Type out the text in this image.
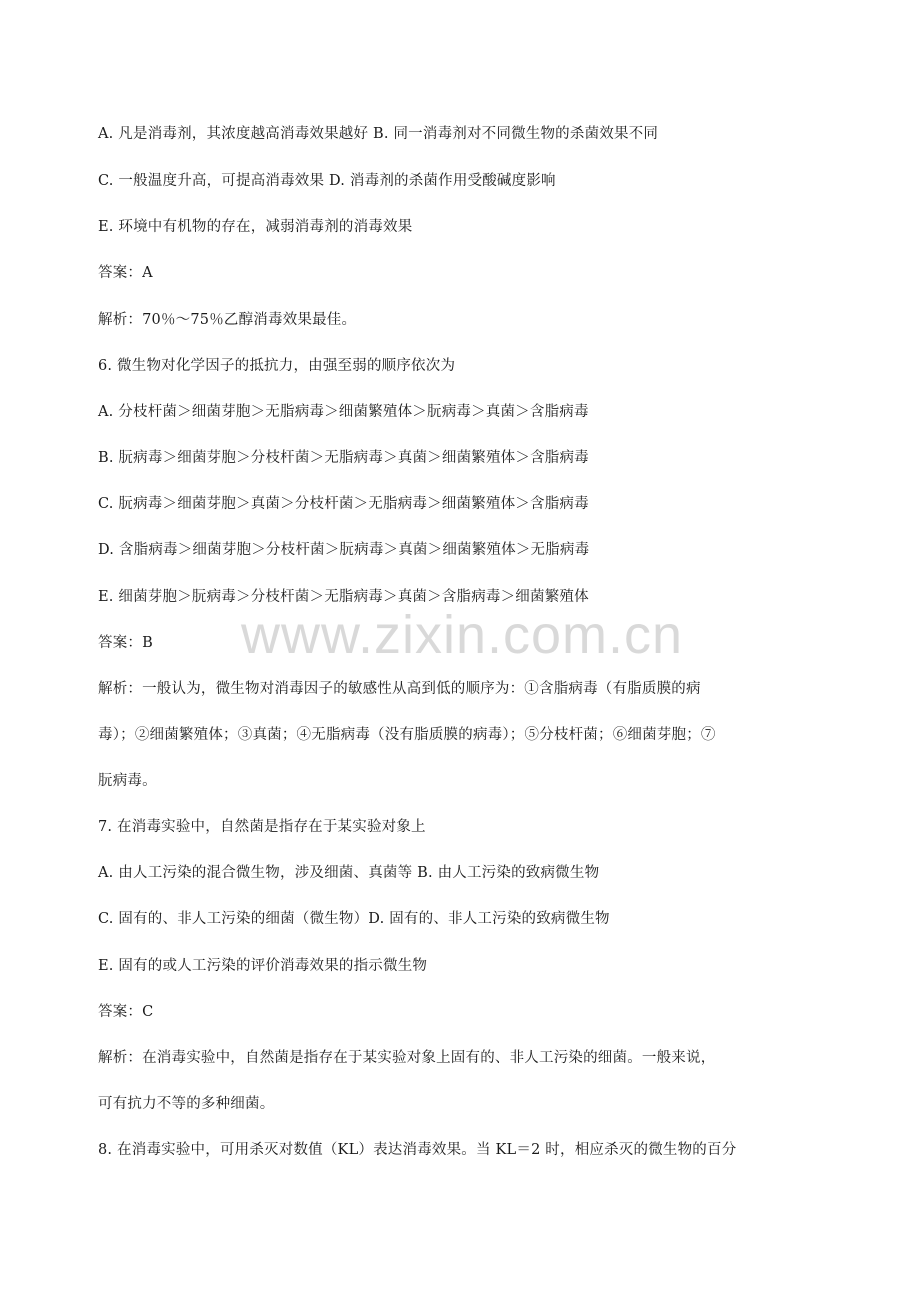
A. 凡是消毒剂，其浓度越高消毒效果越好 B. 同一消毒剂对不同微生物的杀菌效果不同
C. 一般温度升高，可提高消毒效果 D. 消毒剂的杀菌作用受酸碱度影响
E. 环境中有机物的存在，减弱消毒剂的消毒效果
答案：A
解析：70％～75％乙醇消毒效果最佳。
6. 微生物对化学因子的抵抗力，由强至弱的顺序依次为
A. 分枝杆菌＞细菌芽胞＞无脂病毒＞细菌繁殖体＞朊病毒＞真菌＞含脂病毒
B. 朊病毒＞细菌芽胞＞分枝杆菌＞无脂病毒＞真菌＞细菌繁殖体＞含脂病毒
C. 朊病毒＞细菌芽胞＞真菌＞分枝杆菌＞无脂病毒＞细菌繁殖体＞含脂病毒
D. 含脂病毒＞细菌芽胞＞分枝杆菌＞朊病毒＞真菌＞细菌繁殖体＞无脂病毒
E. 细菌芽胞＞朊病毒＞分枝杆菌＞无脂病毒＞真菌＞含脂病毒＞细菌繁殖体
答案：B
解析：一般认为，微生物对消毒因子的敏感性从高到低的顺序为：①含脂病毒（有脂质膜的病
毒）；②细菌繁殖体；③真菌；④无脂病毒（没有脂质膜的病毒）；⑤分枝杆菌；⑥细菌芽胞；⑦
朊病毒。
7. 在消毒实验中，自然菌是指存在于某实验对象上
A. 由人工污染的混合微生物，涉及细菌、真菌等 B. 由人工污染的致病微生物
C. 固有的、非人工污染的细菌（微生物）D. 固有的、非人工污染的致病微生物
E. 固有的或人工污染的评价消毒效果的指示微生物
答案：C
解析：在消毒实验中，自然菌是指存在于某实验对象上固有的、非人工污染的细菌。一般来说，
可有抗力不等的多种细菌。
8. 在消毒实验中，可用杀灭对数值（KL）表达消毒效果。当 KL＝2 时，相应杀灭的微生物的百分
www.zixin.com.cn
